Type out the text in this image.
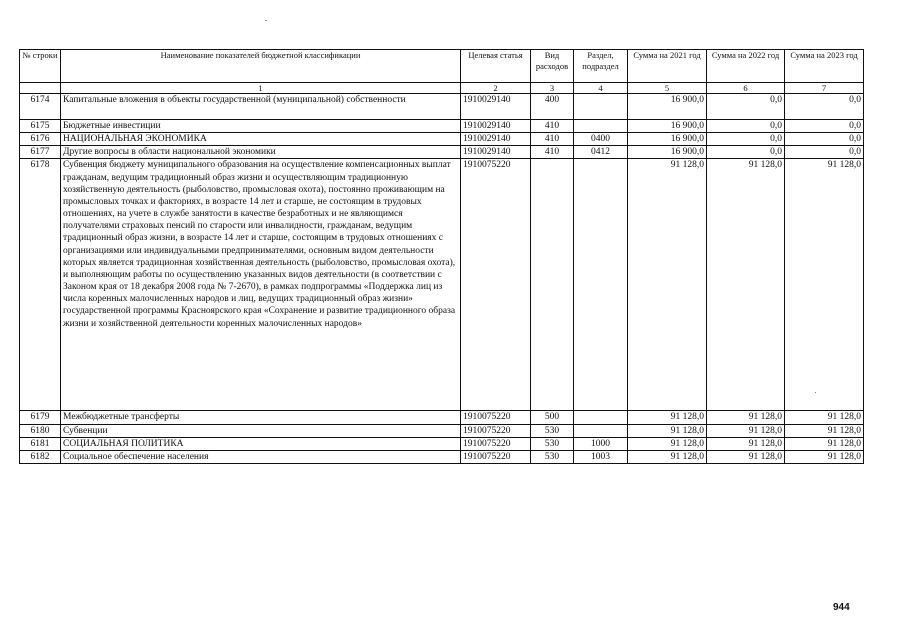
№ строки	Наименование показателей бюджетной классификации	Целевая статья	Вид расходов	Раздел, подраздел	Сумма на 2021 год	Сумма на 2022 год	Сумма на 2023 год
	1	2	3	4	5	6	7
6174	Капитальные вложения в объекты государственной (муниципальной) собственности	1910029140	400		16 900,0	0,0	0,0
6175	Бюджетные инвестиции	1910029140	410		16 900,0	0,0	0,0
6176	НАЦИОНАЛЬНАЯ ЭКОНОМИКА	1910029140	410	0400	16 900,0	0,0	0,0
6177	Другие вопросы в области национальной экономики	1910029140	410	0412	16 900,0	0,0	0,0
6178	Субвенция бюджету муниципального образования на осуществление компенсационных выплат гражданам, ведущим традиционный образ жизни и осуществляющим традиционную хозяйственную деятельность (рыболовство, промысловая охота), постоянно проживающим на промысловых точках и факториях, в возрасте 14 лет и старше, не состоящим в трудовых отношениях, на учете в службе занятости в качестве безработных и не являющимся получателями страховых пенсий по старости или инвалидности, гражданам, ведущим традиционный образ жизни, в возрасте 14 лет и старше, состоящим в трудовых отношениях с организациями или индивидуальными предпринимателями, основным видом деятельности которых является традиционная хозяйственная деятельность (рыболовство, промысловая охота), и выполняющим работы по осуществлению указанных видов деятельности (в соответствии с Законом края от 18 декабря 2008 года № 7-2670), в рамках подпрограммы «Поддержка лиц из числа коренных малочисленных народов и лиц, ведущих традиционный образ жизни» государственной программы Красноярского края «Сохранение и развитие традиционного образа жизни и хозяйственной деятельности коренных малочисленных народов»	1910075220			91 128,0	91 128,0	91 128,0
6179	Межбюджетные трансферты	1910075220	500		91 128,0	91 128,0	91 128,0
6180	Субвенции	1910075220	530		91 128,0	91 128,0	91 128,0
6181	СОЦИАЛЬНАЯ ПОЛИТИКА	1910075220	530	1000	91 128,0	91 128,0	91 128,0
6182	Социальное обеспечение населения	1910075220	530	1003	91 128,0	91 128,0	91 128,0
944
